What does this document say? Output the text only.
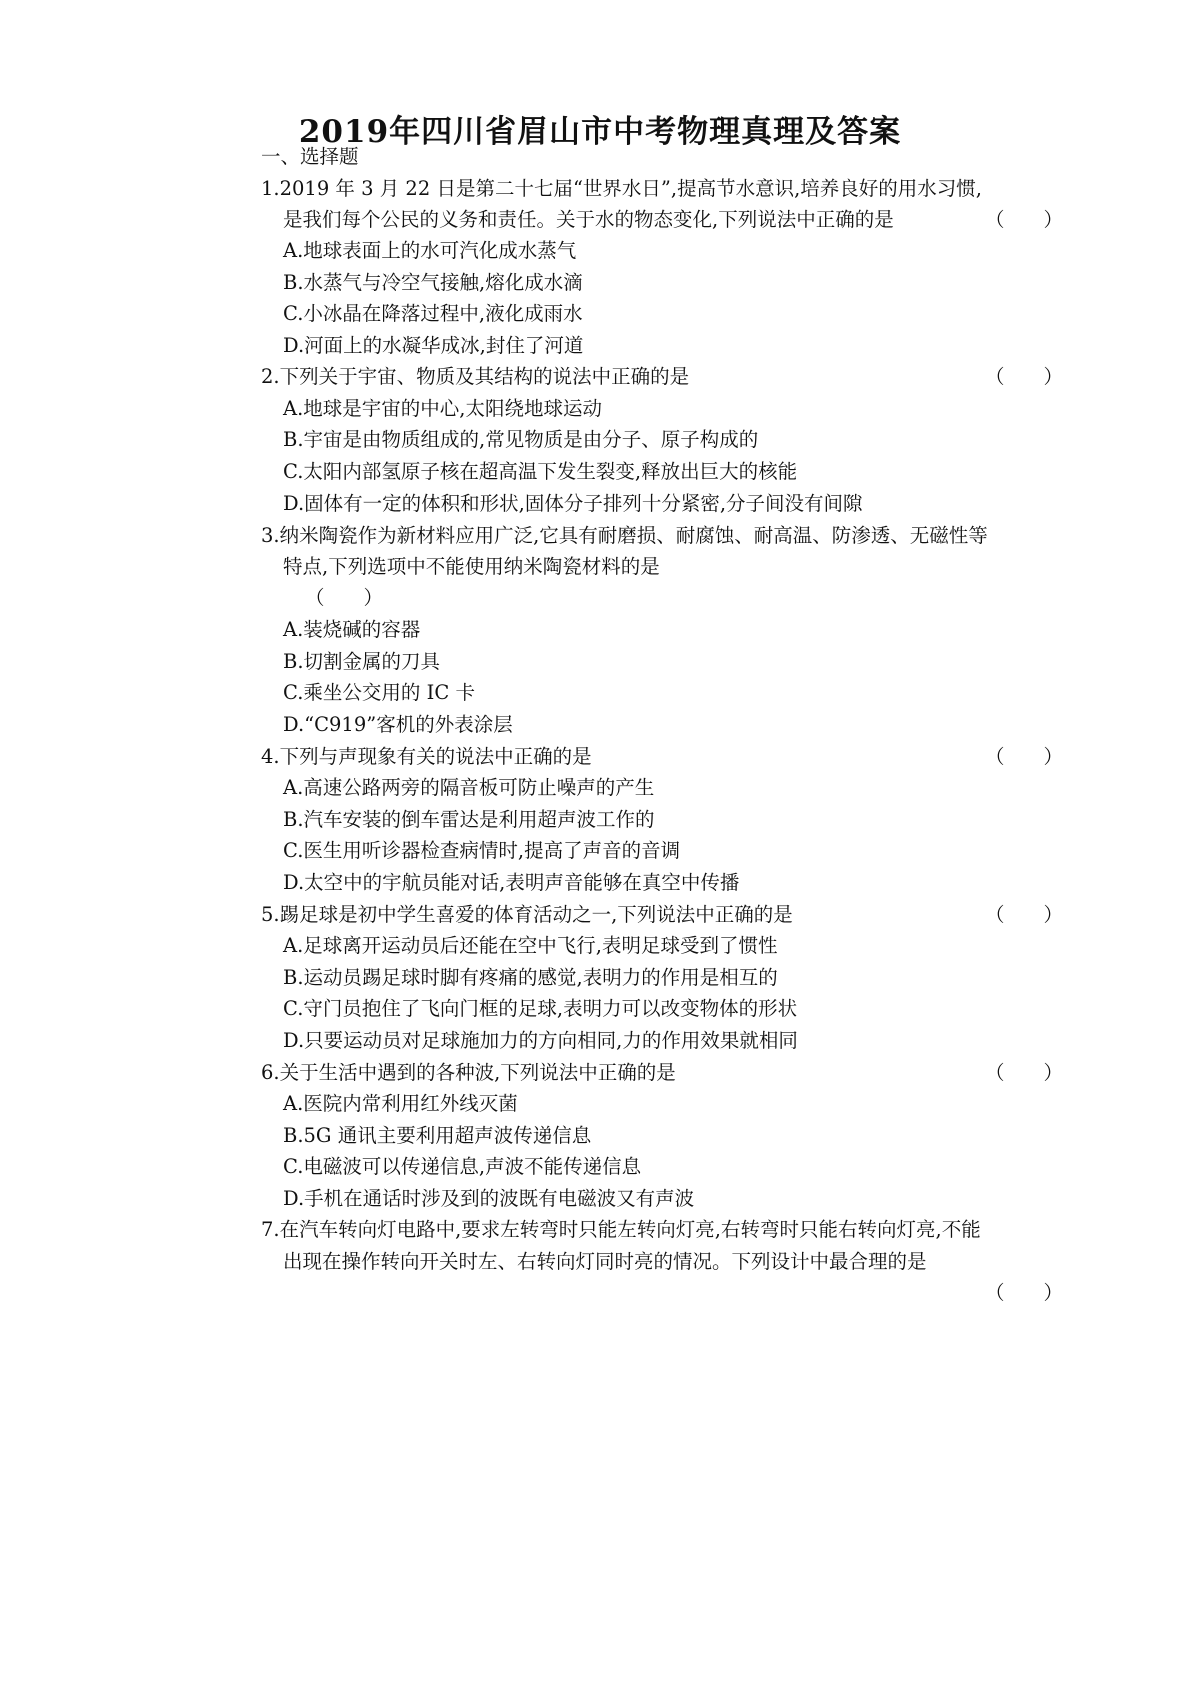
2019年四川省眉山市中考物理真理及答案
一、选择题
1.2019 年 3 月 22 日是第二十七届“世界水日”,提高节水意识,培养良好的用水习惯,
是我们每个公民的义务和责任。关于水的物态变化,下列说法中正确的是	（　　）
A.地球表面上的水可汽化成水蒸气
B.水蒸气与冷空气接触,熔化成水滴
C.小冰晶在降落过程中,液化成雨水
D.河面上的水凝华成冰,封住了河道
2.下列关于宇宙、物质及其结构的说法中正确的是	（　　）
A.地球是宇宙的中心,太阳绕地球运动
B.宇宙是由物质组成的,常见物质是由分子、原子构成的
C.太阳内部氢原子核在超高温下发生裂变,释放出巨大的核能
D.固体有一定的体积和形状,固体分子排列十分紧密,分子间没有间隙
3.纳米陶瓷作为新材料应用广泛,它具有耐磨损、耐腐蚀、耐高温、防渗透、无磁性等
特点,下列选项中不能使用纳米陶瓷材料的是
（　　）
A.装烧碱的容器
B.切割金属的刀具
C.乘坐公交用的 IC 卡
D.“C919”客机的外表涂层
4.下列与声现象有关的说法中正确的是	（　　）
A.高速公路两旁的隔音板可防止噪声的产生
B.汽车安装的倒车雷达是利用超声波工作的
C.医生用听诊器检查病情时,提高了声音的音调
D.太空中的宇航员能对话,表明声音能够在真空中传播
5.踢足球是初中学生喜爱的体育活动之一,下列说法中正确的是	（　　）
A.足球离开运动员后还能在空中飞行,表明足球受到了惯性
B.运动员踢足球时脚有疼痛的感觉,表明力的作用是相互的
C.守门员抱住了飞向门框的足球,表明力可以改变物体的形状
D.只要运动员对足球施加力的方向相同,力的作用效果就相同
6.关于生活中遇到的各种波,下列说法中正确的是	（　　）
A.医院内常利用红外线灭菌
B.5G 通讯主要利用超声波传递信息
C.电磁波可以传递信息,声波不能传递信息
D.手机在通话时涉及到的波既有电磁波又有声波
7.在汽车转向灯电路中,要求左转弯时只能左转向灯亮,右转弯时只能右转向灯亮,不能
出现在操作转向开关时左、右转向灯同时亮的情况。下列设计中最合理的是
（　　）
